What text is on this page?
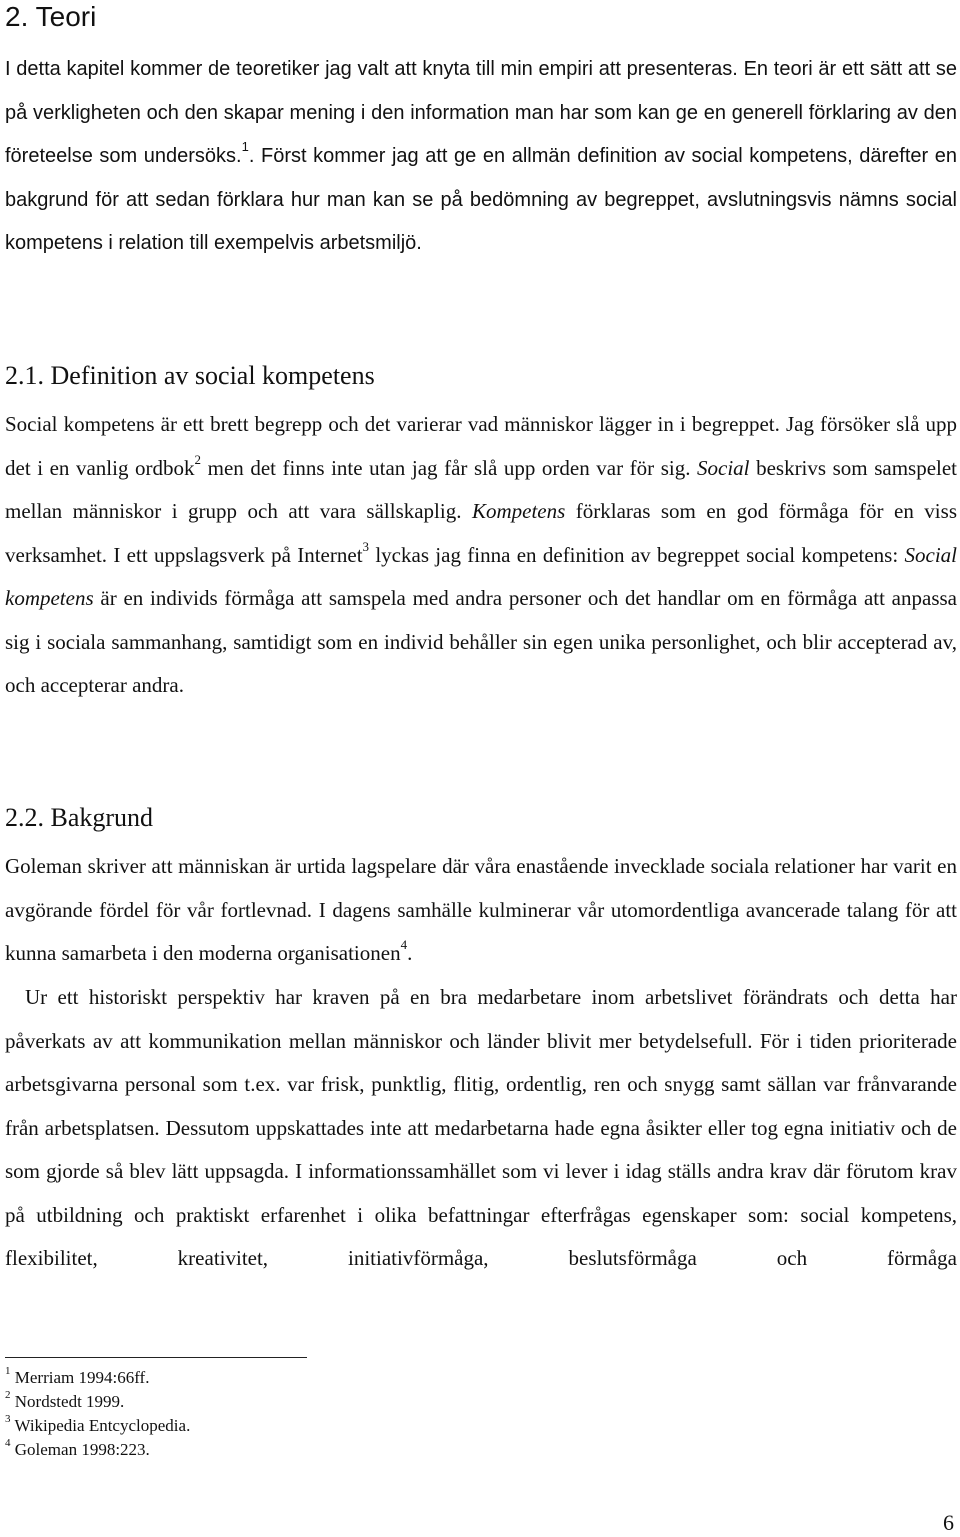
2. Teori

I detta kapitel kommer de teoretiker jag valt att knyta till min empiri att presenteras. En teori är ett sätt att se på verkligheten och den skapar mening i den information man har som kan ge en generell förklaring av den företeelse som undersöks.$^1$. Först kommer jag att ge en allmän definition av social kompetens, därefter en bakgrund för att sedan förklara hur man kan se på bedömning av begreppet, avslutningsvis nämns social kompetens i relation till exempelvis arbetsmiljö.

2.1. Definition av social kompetens

Social kompetens är ett brett begrepp och det varierar vad människor lägger in i begreppet. Jag försöker slå upp det i en vanlig ordbok$^2$ men det finns inte utan jag får slå upp orden var för sig. Social beskrivs som samspelet mellan människor i grupp och att vara sällskaplig. Kompetens förklaras som en god förmåga för en viss verksamhet. I ett uppslagsverk på Internet$^3$ lyckas jag finna en definition av begreppet social kompetens: Social kompetens är en individs förmåga att samspela med andra personer och det handlar om en förmåga att anpassa sig i sociala sammanhang, samtidigt som en individ behåller sin egen unika personlighet, och blir accepterad av, och accepterar andra.

2.2. Bakgrund

Goleman skriver att människan är urtida lagspelare där våra enastående invecklade sociala relationer har varit en avgörande fördel för vår fortlevnad. I dagens samhälle kulminerar vår utomordentliga avancerade talang för att kunna samarbeta i den moderna organisationen$^4$.

Ur ett historiskt perspektiv har kraven på en bra medarbetare inom arbetslivet förändrats och detta har påverkats av att kommunikation mellan människor och länder blivit mer betydelsefull. För i tiden prioriterade arbetsgivarna personal som t.ex. var frisk, punktlig, flitig, ordentlig, ren och snygg samt sällan var frånvarande från arbetsplatsen. Dessutom uppskattades inte att medarbetarna hade egna åsikter eller tog egna initiativ och de som gjorde så blev lätt uppsagda. I informationssamhället som vi lever i idag ställs andra krav där förutom krav på utbildning och praktiskt erfarenhet i olika befattningar efterfrågas egenskaper som: social kompetens, flexibilitet, kreativitet, initiativförmåga, beslutsförmåga och förmåga

$^1$ Merriam 1994:66ff.
$^2$ Nordstedt 1999.
$^3$ Wikipedia Entcyclopedia.
$^4$ Goleman 1998:223.
6
